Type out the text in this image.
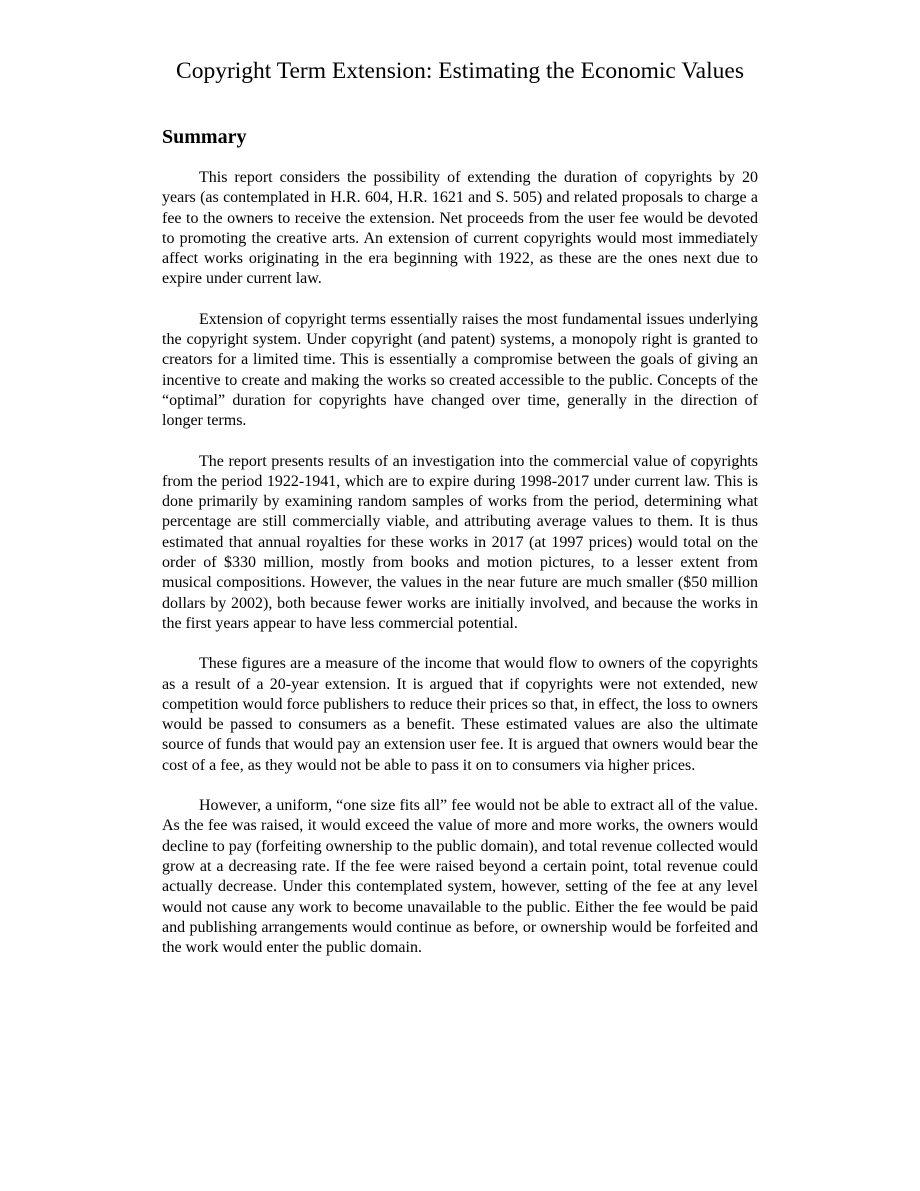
Copyright Term Extension: Estimating the Economic Values
Summary

This report considers the possibility of extending the duration of copyrights by 20 years (as contemplated in H.R. 604, H.R. 1621 and S. 505) and related proposals to charge a fee to the owners to receive the extension. Net proceeds from the user fee would be devoted to promoting the creative arts. An extension of current copyrights would most immediately affect works originating in the era beginning with 1922, as these are the ones next due to expire under current law.

Extension of copyright terms essentially raises the most fundamental issues underlying the copyright system. Under copyright (and patent) systems, a monopoly right is granted to creators for a limited time. This is essentially a compromise between the goals of giving an incentive to create and making the works so created accessible to the public. Concepts of the “optimal” duration for copyrights have changed over time, generally in the direction of longer terms.

The report presents results of an investigation into the commercial value of copyrights from the period 1922-1941, which are to expire during 1998-2017 under current law. This is done primarily by examining random samples of works from the period, determining what percentage are still commercially viable, and attributing average values to them. It is thus estimated that annual royalties for these works in 2017 (at 1997 prices) would total on the order of $330 million, mostly from books and motion pictures, to a lesser extent from musical compositions. However, the values in the near future are much smaller ($50 million dollars by 2002), both because fewer works are initially involved, and because the works in the first years appear to have less commercial potential.

These figures are a measure of the income that would flow to owners of the copyrights as a result of a 20-year extension. It is argued that if copyrights were not extended, new competition would force publishers to reduce their prices so that, in effect, the loss to owners would be passed to consumers as a benefit. These estimated values are also the ultimate source of funds that would pay an extension user fee. It is argued that owners would bear the cost of a fee, as they would not be able to pass it on to consumers via higher prices.

However, a uniform, “one size fits all” fee would not be able to extract all of the value. As the fee was raised, it would exceed the value of more and more works, the owners would decline to pay (forfeiting ownership to the public domain), and total revenue collected would grow at a decreasing rate. If the fee were raised beyond a certain point, total revenue could actually decrease. Under this contemplated system, however, setting of the fee at any level would not cause any work to become unavailable to the public. Either the fee would be paid and publishing arrangements would continue as before, or ownership would be forfeited and the work would enter the public domain.
